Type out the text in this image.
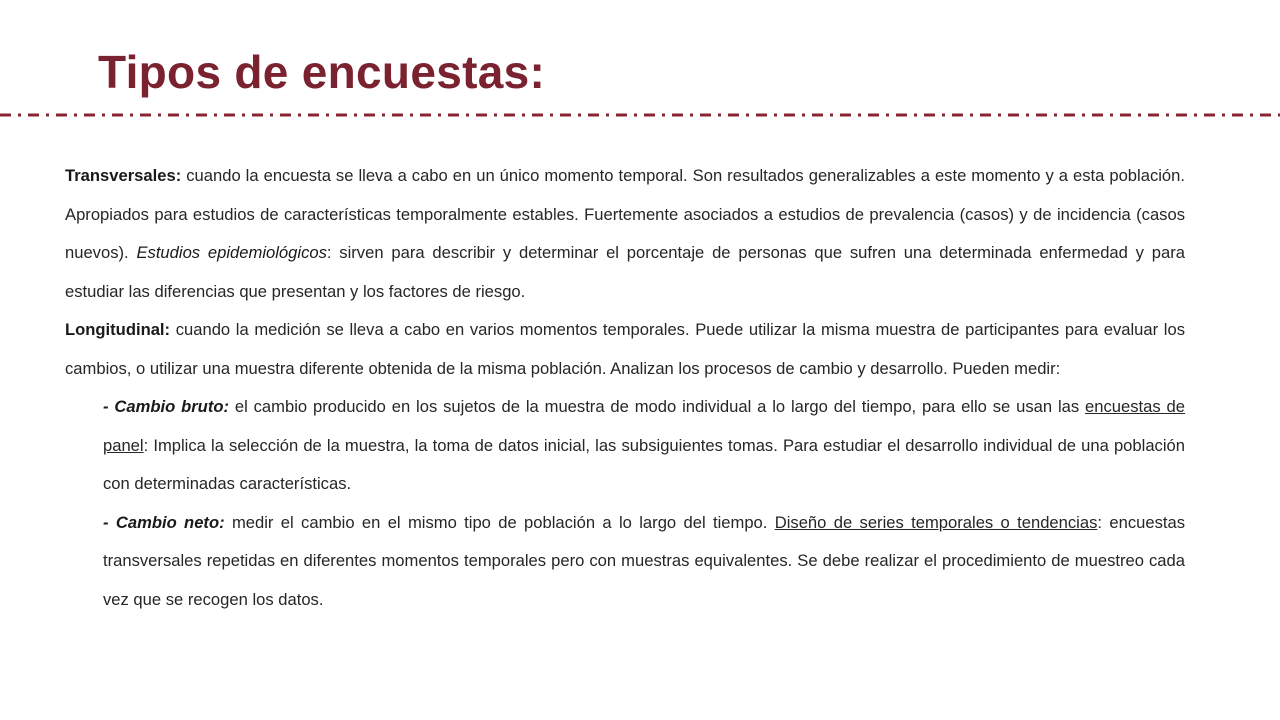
Tipos de encuestas:

Transversales: cuando la encuesta se lleva a cabo en un único momento temporal. Son resultados generalizables a este momento y a esta población. Apropiados para estudios de características temporalmente estables. Fuertemente asociados a estudios de prevalencia (casos) y de incidencia (casos nuevos). Estudios epidemiológicos: sirven para describir y determinar el porcentaje de personas que sufren una determinada enfermedad y para estudiar las diferencias que presentan y los factores de riesgo.

Longitudinal: cuando la medición se lleva a cabo en varios momentos temporales. Puede utilizar la misma muestra de participantes para evaluar los cambios, o utilizar una muestra diferente obtenida de la misma población. Analizan los procesos de cambio y desarrollo. Pueden medir:

- Cambio bruto: el cambio producido en los sujetos de la muestra de modo individual a lo largo del tiempo, para ello se usan las encuestas de panel: Implica la selección de la muestra, la toma de datos inicial, las subsiguientes tomas. Para estudiar el desarrollo individual de una población con determinadas características.

- Cambio neto: medir el cambio en el mismo tipo de población a lo largo del tiempo. Diseño de series temporales o tendencias: encuestas transversales repetidas en diferentes momentos temporales pero con muestras equivalentes. Se debe realizar el procedimiento de muestreo cada vez que se recogen los datos.
